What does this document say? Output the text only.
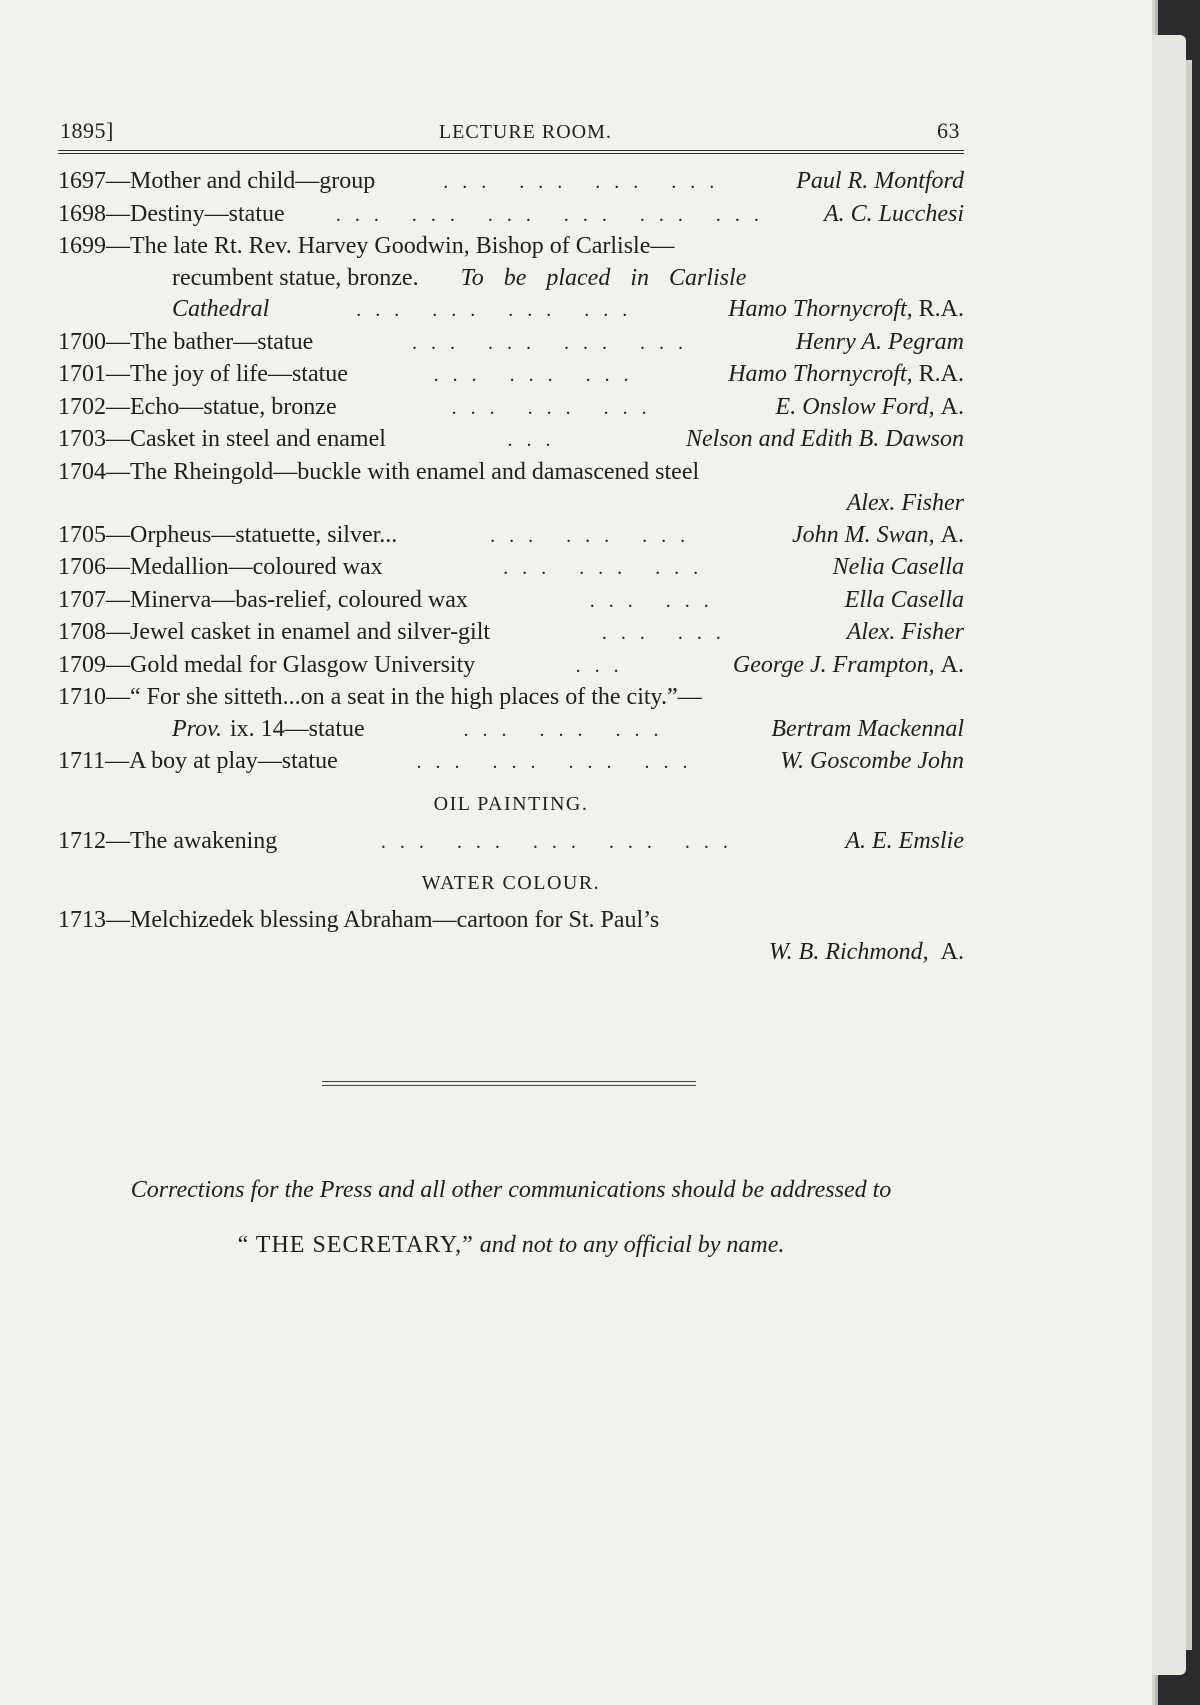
1895]	LECTURE ROOM.	63
1697 —Mother and child—group	... ... ... ...	Paul R. Montford
1698 —Destiny—statue	... ... ... ... ... ...	A. C. Lucchesi
1699 —The late Rt. Rev. Harvey Goodwin, Bishop of Carlisle—
recumbent statue, bronze. To be placed in Carlisle
Cathedral	... ... ... ...	Hamo Thornycroft, R.A.
1700 —The bather—statue	... ... ... ...	Henry A. Pegram
1701 —The joy of life—statue	... ... ...	Hamo Thornycroft, R.A.
1702 —Echo—statue, bronze	... ... ...	E. Onslow Ford, A.
1703 —Casket in steel and enamel	...	Nelson and Edith B. Dawson
1704 —The Rheingold—buckle with enamel and damascened steel
Alex. Fisher
1705 —Orpheus—statuette, silver...	... ... ...	John M. Swan, A.
1706 —Medallion—coloured wax	... ... ...	Nelia Casella
1707 —Minerva—bas-relief, coloured wax	... ...	Ella Casella
1708 —Jewel casket in enamel and silver-gilt	... ...	Alex. Fisher
1709 —Gold medal for Glasgow University	...	George J. Frampton, A.
1710 —“ For she sitteth...on a seat in the high places of the city.”—
Prov. ix. 14—statue	... ... ...	Bertram Mackennal
1711 —A boy at play—statue	... ... ... ...	W. Goscombe John
OIL PAINTING.
1712 —The awakening	... ... ... ... ...	A. E. Emslie
WATER COLOUR.
1713 —Melchizedek blessing Abraham—cartoon for St. Paul’s
W. B. Richmond, A.
Corrections for the Press and all other communications should be addressed to
“ THE SECRETARY,” and not to any official by name.
